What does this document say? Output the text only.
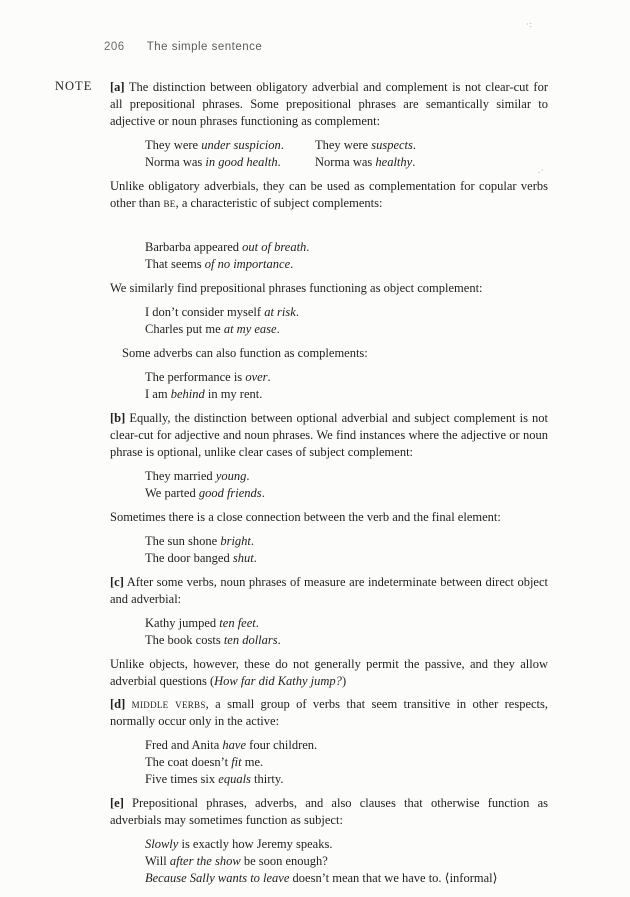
206 The simple sentence
NOTE [a] The distinction between obligatory adverbial and complement is not clear-cut for all prepositional phrases. Some prepositional phrases are semantically similar to adjective or noun phrases functioning as complement:

They were under suspicion.
Norma was in good health.
They were suspects.
Norma was healthy.

Unlike obligatory adverbials, they can be used as complementation for copular verbs other than be, a characteristic of subject complements:

Barbarba appeared out of breath.
That seems of no importance.

We similarly find prepositional phrases functioning as object complement:

I don’t consider myself at risk.
Charles put me at my ease.

Some adverbs can also function as complements:

The performance is over.
I am behind in my rent.

[b] Equally, the distinction between optional adverbial and subject complement is not clear-cut for adjective and noun phrases. We find instances where the adjective or noun phrase is optional, unlike clear cases of subject complement:

They married young.
We parted good friends.

Sometimes there is a close connection between the verb and the final element:

The sun shone bright.
The door banged shut.

[c] After some verbs, noun phrases of measure are indeterminate between direct object and adverbial:

Kathy jumped ten feet.
The book costs ten dollars.

Unlike objects, however, these do not generally permit the passive, and they allow adverbial questions (How far did Kathy jump?)

[d] middle verbs, a small group of verbs that seem transitive in other respects, normally occur only in the active:

Fred and Anita have four children.
The coat doesn’t fit me.
Five times six equals thirty.

[e] Prepositional phrases, adverbs, and also clauses that otherwise function as adverbials may sometimes function as subject:

Slowly is exactly how Jeremy speaks.
Will after the show be soon enough?
Because Sally wants to leave doesn’t mean that we have to. ⟨informal⟩
·:
.·
